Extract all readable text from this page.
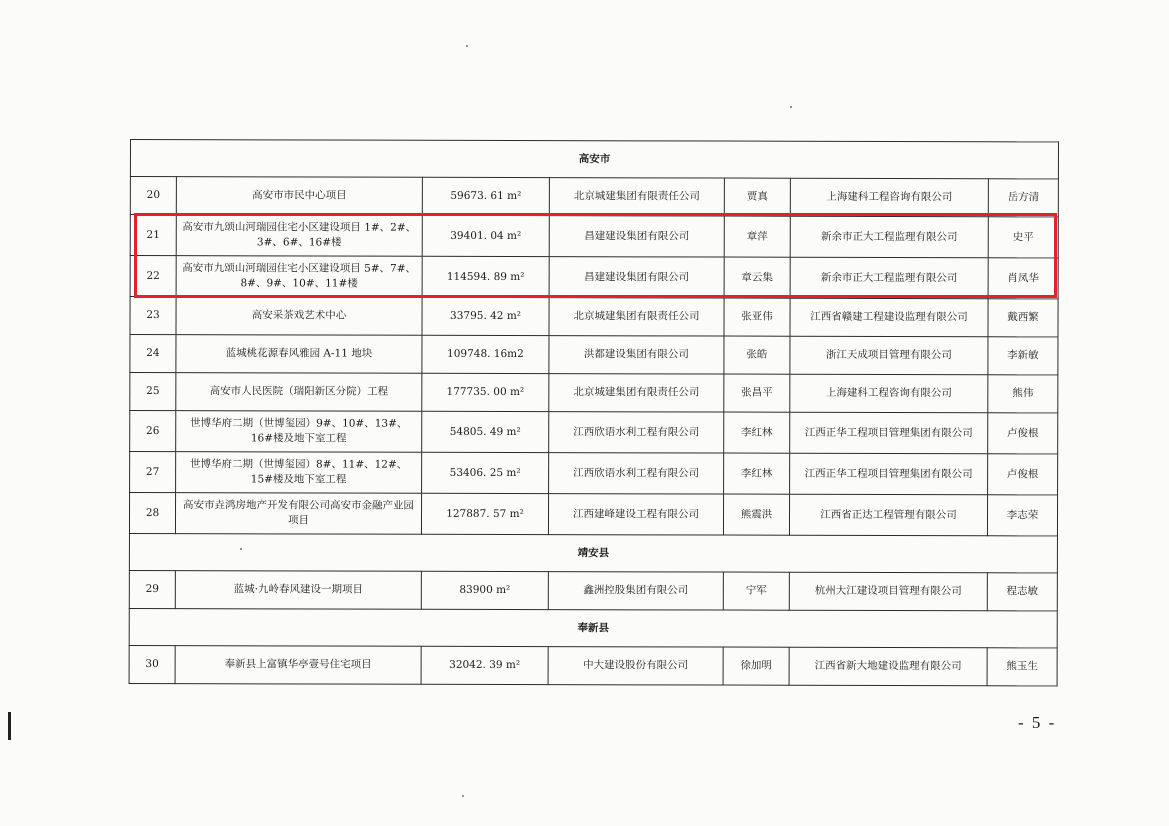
高安市						
20	高安市市民中心项目	59673. 61 m²	北京城建集团有限责任公司	贾真	上海建科工程咨询有限公司	岳方清
21	高安市九颂山河瑞园住宅小区建设项目 1#、2#、3#、6#、16#楼	39401. 04 m²	昌建建设集团有限公司	章萍	新余市正大工程监理有限公司	史平
22	高安市九颂山河瑞园住宅小区建设项目 5#、7#、8#、9#、10#、11#楼	114594. 89 m²	昌建建设集团有限公司	章云集	新余市正大工程监理有限公司	肖凤华
23	高安采茶戏艺术中心	33795. 42 m²	北京城建集团有限责任公司	张亚伟	江西省赣建工程建设监理有限公司	戴西繁
24	蓝城桃花源春风雅园 A-11 地块	109748. 16m2	洪都建设集团有限公司	张皓	浙江天成项目管理有限公司	李新敏
25	高安市人民医院（瑞阳新区分院）工程	177735. 00 m²	北京城建集团有限责任公司	张昌平	上海建科工程咨询有限公司	熊伟
26	世博华府二期（世博玺园）9#、10#、13#、16#楼及地下室工程	54805. 49 m²	江西欣语水利工程有限公司	李红林	江西正华工程项目管理集团有限公司	卢俊根
27	世博华府二期（世博玺园）8#、11#、12#、15#楼及地下室工程	53406. 25 m²	江西欣语水利工程有限公司	李红林	江西正华工程项目管理集团有限公司	卢俊根
28	高安市垚鸿房地产开发有限公司高安市金融产业园项目	127887. 57 m²	江西建峰建设工程有限公司	熊震洪	江西省正达工程管理有限公司	李志荣
靖安县						
29	蓝城·九岭春风建设一期项目	83900 m²	鑫洲控股集团有限公司	宁军	杭州大江建设项目管理有限公司	程志敏
奉新县						
30	奉新县上富镇华亭壹号住宅项目	32042. 39 m²	中大建设股份有限公司	徐加明	江西省新大地建设监理有限公司	熊玉生
- 5 -
